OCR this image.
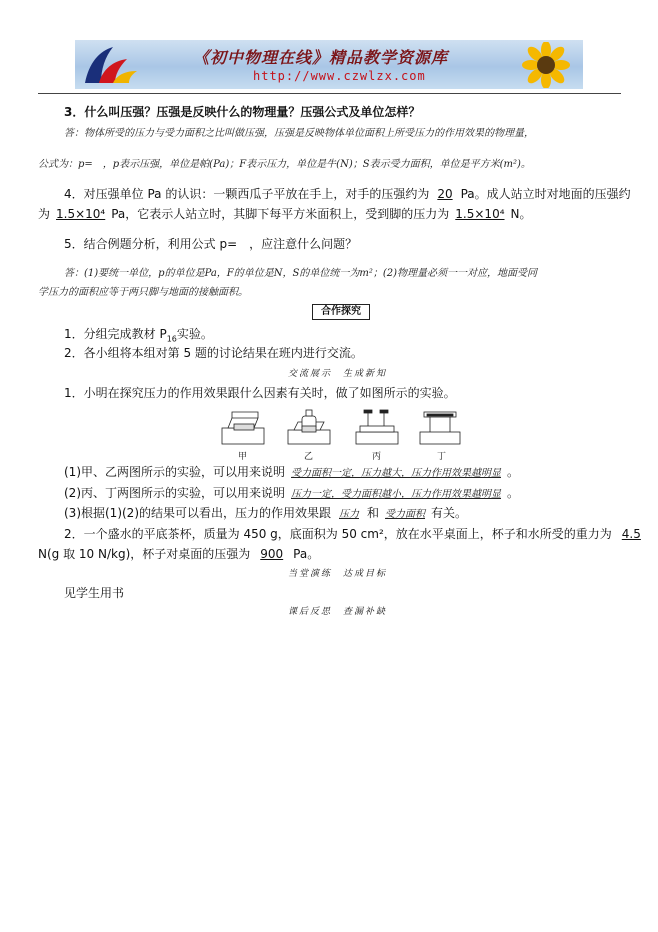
《初中物理在线》精品教学资源库
http://www.czwlzx.com
3．什么叫压强？压强是反映什么的物理量？压强公式及单位怎样？
答：物体所受的压力与受力面积之比叫做压强，压强是反映物体单位面积上所受压力的作用效果的物理量，
公式为：p=　，p表示压强，单位是帕(Pa)；F表示压力，单位是牛(N)；S表示受力面积，单位是平方米(m²)。
4．对压强单位 Pa 的认识：一颗西瓜子平放在手上，对手的压强约为 20 Pa。成人站立时对地面的压强约
为 1.5×10⁴ Pa，它表示人站立时，其脚下每平方米面积上，受到脚的压力为 1.5×10⁴ N。
5．结合例题分析，利用公式 p=　，应注意什么问题？
答：(1)要统一单位，p的单位是Pa，F的单位是N，S的单位统一为m²；(2)物理量必须一一对应，地面受同
学压力的面积应等于两只脚与地面的接触面积。
合作探究
1．分组完成教材 $P_{16}$实验。
2．各小组将本组对第 5 题的讨论结果在班内进行交流。
交流展示　生成新知
1．小明在探究压力的作用效果跟什么因素有关时，做了如图所示的实验。
甲	乙	丙	丁
(1)甲、乙两图所示的实验，可以用来说明 受力面积一定，压力越大，压力作用效果越明显 。
(2)丙、丁两图所示的实验，可以用来说明 压力一定，受力面积越小，压力作用效果越明显 。
(3)根据(1)(2)的结果可以看出，压力的作用效果跟 压力 和 受力面积 有关。
2．一个盛水的平底茶杯，质量为 450 g，底面积为 50 cm²，放在水平桌面上，杯子和水所受的重力为 4.5
N(g 取 10 N/kg)，杯子对桌面的压强为 900 Pa。
当堂演练　达成目标
见学生用书
课后反思　查漏补缺
